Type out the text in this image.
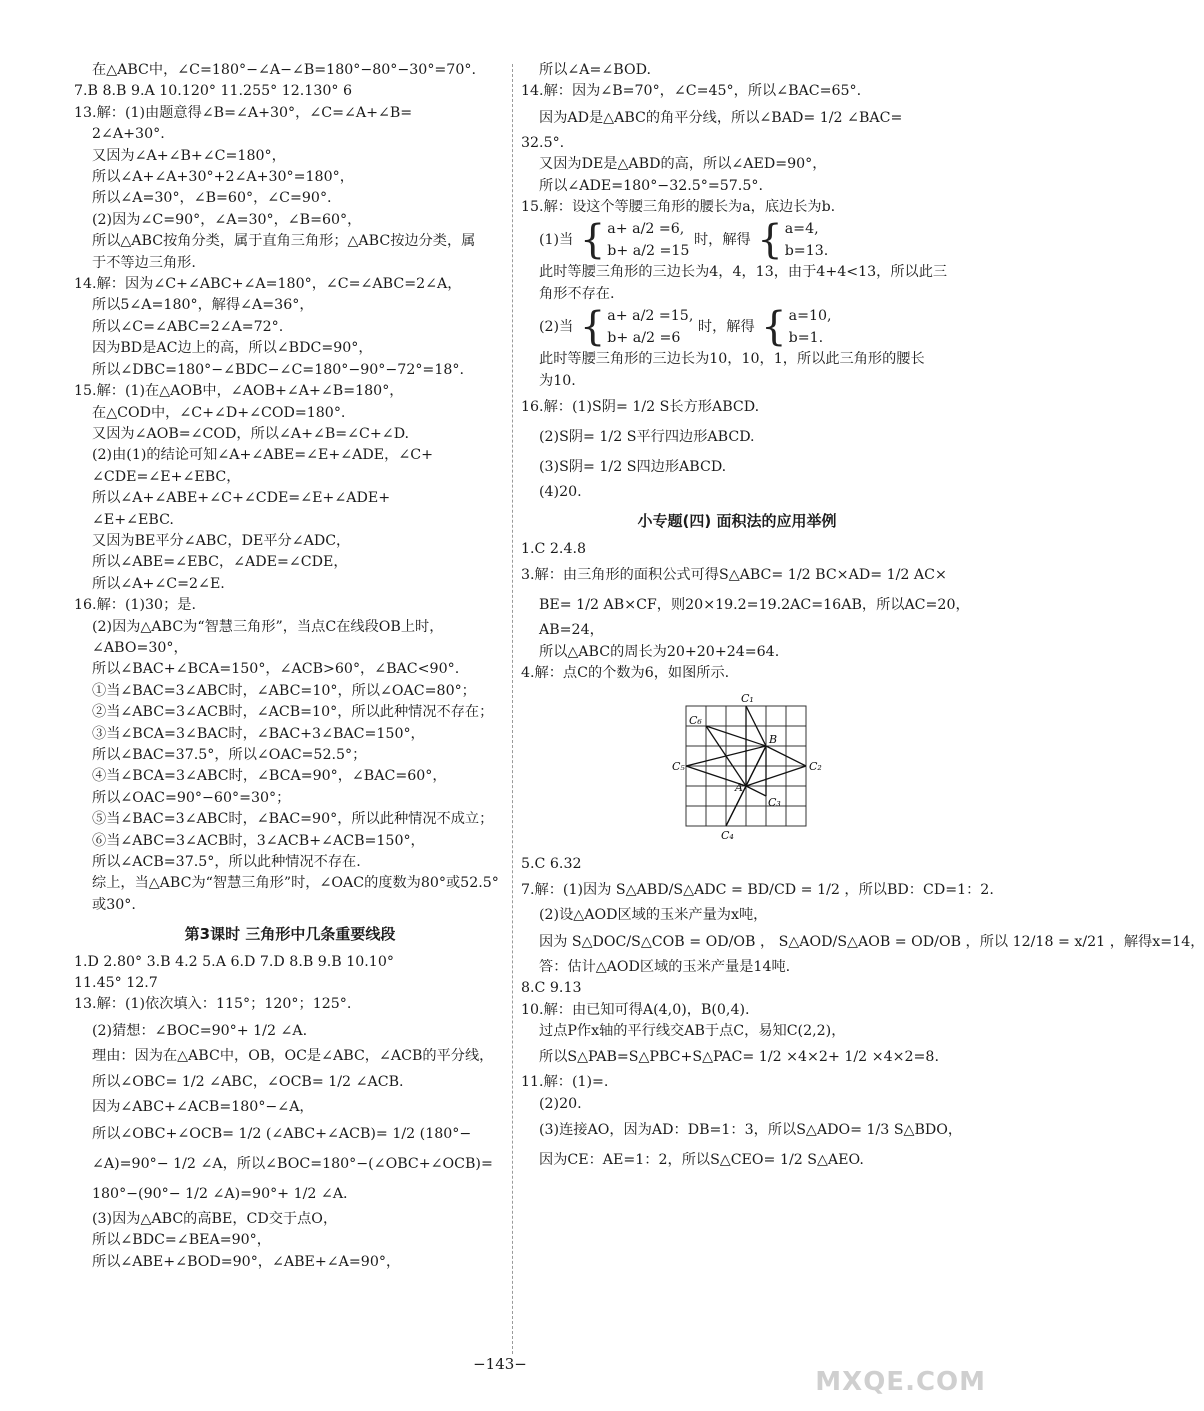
在△ABC中，∠C=180°−∠A−∠B=180°−80°−30°=70°.
7.B 8.B 9.A 10.120° 11.255° 12.130° 6
13.解：(1)由题意得∠B=∠A+30°，∠C=∠A+∠B=
2∠A+30°.
又因为∠A+∠B+∠C=180°，
所以∠A+∠A+30°+2∠A+30°=180°，
所以∠A=30°，∠B=60°，∠C=90°.
(2)因为∠C=90°，∠A=30°，∠B=60°，
所以△ABC按角分类，属于直角三角形；△ABC按边分类，属
于不等边三角形.
14.解：因为∠C+∠ABC+∠A=180°，∠C=∠ABC=2∠A，
所以5∠A=180°，解得∠A=36°，
所以∠C=∠ABC=2∠A=72°.
因为BD是AC边上的高，所以∠BDC=90°，
所以∠DBC=180°−∠BDC−∠C=180°−90°−72°=18°.
15.解：(1)在△AOB中，∠AOB+∠A+∠B=180°，
在△COD中，∠C+∠D+∠COD=180°.
又因为∠AOB=∠COD，所以∠A+∠B=∠C+∠D.
(2)由(1)的结论可知∠A+∠ABE=∠E+∠ADE，∠C+
∠CDE=∠E+∠EBC，
所以∠A+∠ABE+∠C+∠CDE=∠E+∠ADE+
∠E+∠EBC.
又因为BE平分∠ABC，DE平分∠ADC，
所以∠ABE=∠EBC，∠ADE=∠CDE，
所以∠A+∠C=2∠E.
16.解：(1)30；是.
(2)因为△ABC为“智慧三角形”，当点C在线段OB上时，
∠ABO=30°，
所以∠BAC+∠BCA=150°，∠ACB>60°，∠BAC<90°.
①当∠BAC=3∠ABC时，∠ABC=10°，所以∠OAC=80°；
②当∠ABC=3∠ACB时，∠ACB=10°，所以此种情况不存在；
③当∠BCA=3∠BAC时，∠BAC+3∠BAC=150°，
所以∠BAC=37.5°，所以∠OAC=52.5°；
④当∠BCA=3∠ABC时，∠BCA=90°，∠BAC=60°，
所以∠OAC=90°−60°=30°；
⑤当∠BAC=3∠ABC时，∠BAC=90°，所以此种情况不成立；
⑥当∠ABC=3∠ACB时，3∠ACB+∠ACB=150°，
所以∠ACB=37.5°，所以此种情况不存在.
综上，当△ABC为“智慧三角形”时，∠OAC的度数为80°或52.5°
或30°.
第3课时 三角形中几条重要线段
1.D 2.80° 3.B 4.2 5.A 6.D 7.D 8.B 9.B 10.10°
11.45° 12.7
13.解：(1)依次填入：115°；120°；125°.
(2)猜想：∠BOC=90°+ 1/2 ∠A.
理由：因为在△ABC中，OB，OC是∠ABC，∠ACB的平分线，
所以∠OBC= 1/2 ∠ABC，∠OCB= 1/2 ∠ACB.
因为∠ABC+∠ACB=180°−∠A，
所以∠OBC+∠OCB= 1/2 (∠ABC+∠ACB)= 1/2 (180°−
∠A)=90°− 1/2 ∠A，所以∠BOC=180°−(∠OBC+∠OCB)=
180°−(90°− 1/2 ∠A)=90°+ 1/2 ∠A.
(3)因为△ABC的高BE，CD交于点O，
所以∠BDC=∠BEA=90°，
所以∠ABE+∠BOD=90°，∠ABE+∠A=90°，
所以∠A=∠BOD.
14.解：因为∠B=70°，∠C=45°，所以∠BAC=65°.
因为AD是△ABC的角平分线，所以∠BAD= 1/2 ∠BAC=
32.5°.
又因为DE是△ABD的高，所以∠AED=90°，
所以∠ADE=180°−32.5°=57.5°.
15.解：设这个等腰三角形的腰长为a，底边长为b.
(1)当 { a+ a/2 =6,
b+ a/2 =15
时，解得 { a=4,
b=13.
此时等腰三角形的三边长为4，4，13，由于4+4<13，所以此三
角形不存在.
(2)当 { a+ a/2 =15,
b+ a/2 =6
时，解得 { a=10,
b=1.
此时等腰三角形的三边长为10，10，1，所以此三角形的腰长
为10.
16.解：(1)S阴= 1/2 S长方形ABCD.
(2)S阴= 1/2 S平行四边形ABCD.
(3)S阴= 1/2 S四边形ABCD.
(4)20.
小专题(四) 面积法的应用举例
1.C 2.4.8
3.解：由三角形的面积公式可得S△ABC= 1/2 BC×AD= 1/2 AC×
BE= 1/2 AB×CF，则20×19.2=19.2AC=16AB，所以AC=20，
AB=24，
所以△ABC的周长为20+20+24=64.
4.解：点C的个数为6，如图所示.
C₁
C₂
C₃
C₄
C₅
C₆
A
B
5.C 6.32
7.解：(1)因为 S△ABD/S△ADC = BD/CD = 1/2 ，所以BD：CD=1：2.
(2)设△AOD区域的玉米产量为x吨，
因为 S△DOC/S△COB = OD/OB ， S△AOD/S△AOB = OD/OB ，所以 12/18 = x/21 ，解得x=14，
答：估计△AOD区域的玉米产量是14吨.
8.C 9.13
10.解：由已知可得A(4,0)，B(0,4).
过点P作x轴的平行线交AB于点C，易知C(2,2)，
所以S△PAB=S△PBC+S△PAC= 1/2 ×4×2+ 1/2 ×4×2=8.
11.解：(1)=.
(2)20.
(3)连接AO，因为AD：DB=1：3，所以S△ADO= 1/3 S△BDO，
因为CE：AE=1：2，所以S△CEO= 1/2 S△AEO.
−143−
MXQE.COM
